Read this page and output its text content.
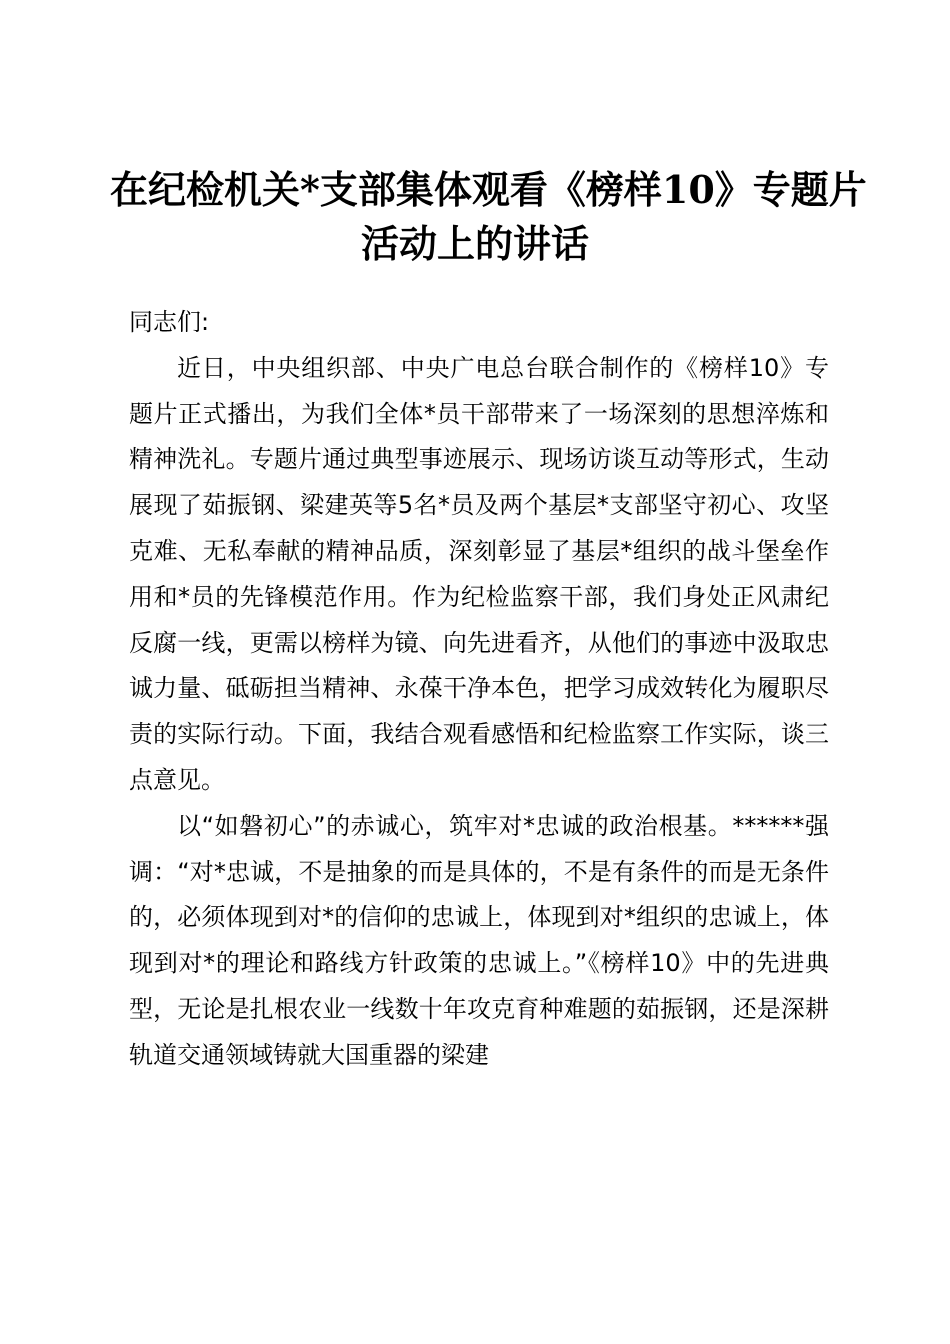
在纪检机关*支部集体观看《榜样10》专题片
活动上的讲话

同志们:

近日，中央组织部、中央广电总台联合制作的《榜样10》专题片正式播出，为我们全体*员干部带来了一场深刻的思想淬炼和精神洗礼。专题片通过典型事迹展示、现场访谈互动等形式，生动展现了茹振钢、梁建英等5名*员及两个基层*支部坚守初心、攻坚克难、无私奉献的精神品质，深刻彰显了基层*组织的战斗堡垒作用和*员的先锋模范作用。作为纪检监察干部，我们身处正风肃纪反腐一线，更需以榜样为镜、向先进看齐，从他们的事迹中汲取忠诚力量、砥砺担当精神、永葆干净本色，把学习成效转化为履职尽责的实际行动。下面，我结合观看感悟和纪检监察工作实际，谈三点意见。

以“如磐初心”的赤诚心，筑牢对*忠诚的政治根基。******强调：“对*忠诚，不是抽象的而是具体的，不是有条件的而是无条件的，必须体现到对*的信仰的忠诚上，体现到对*组织的忠诚上，体现到对*的理论和路线方针政策的忠诚上。”《榜样10》中的先进典型，无论是扎根农业一线数十年攻克育种难题的茹振钢，还是深耕轨道交通领域铸就大国重器的梁建
